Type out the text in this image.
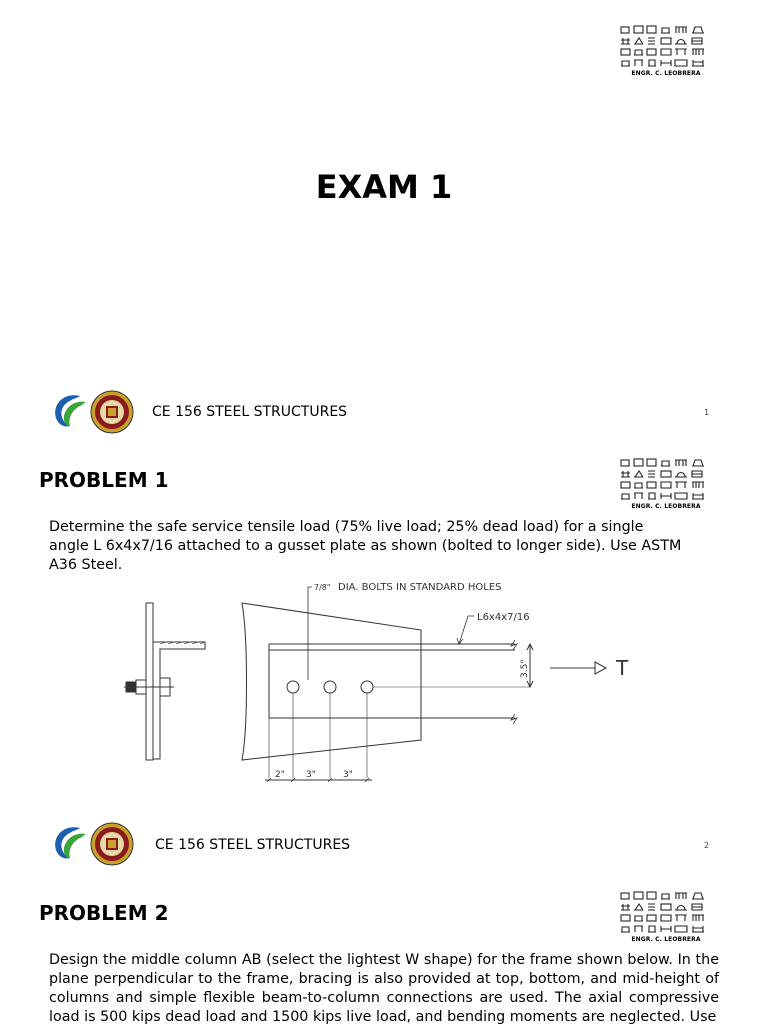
ENGR. C. LEOBRERA
EXAM 1
CE 156 STEEL STRUCTURES	1
ENGR. C. LEOBRERA
PROBLEM 1
Determine the safe service tensile load (75% live load; 25% dead load) for a single angle L 6x4x7/16 attached to a gusset plate as shown (bolted to longer side). Use ASTM A36 Steel.
7/8" DIA. BOLTS IN STANDARD HOLES
L6x4x7/16
3.5"	T
2" 3"	3"
CE 156 STEEL STRUCTURES	2
ENGR. C. LEOBRERA
PROBLEM 2
Design the middle column AB (select the lightest W shape) for the frame shown below. In the plane perpendicular to the frame, bracing is also provided at top, bottom, and mid-height of columns and simple flexible beam-to-column connections are used. The axial compressive load is 500 kips dead load and 1500 kips live load, and bending moments are neglected. Use
